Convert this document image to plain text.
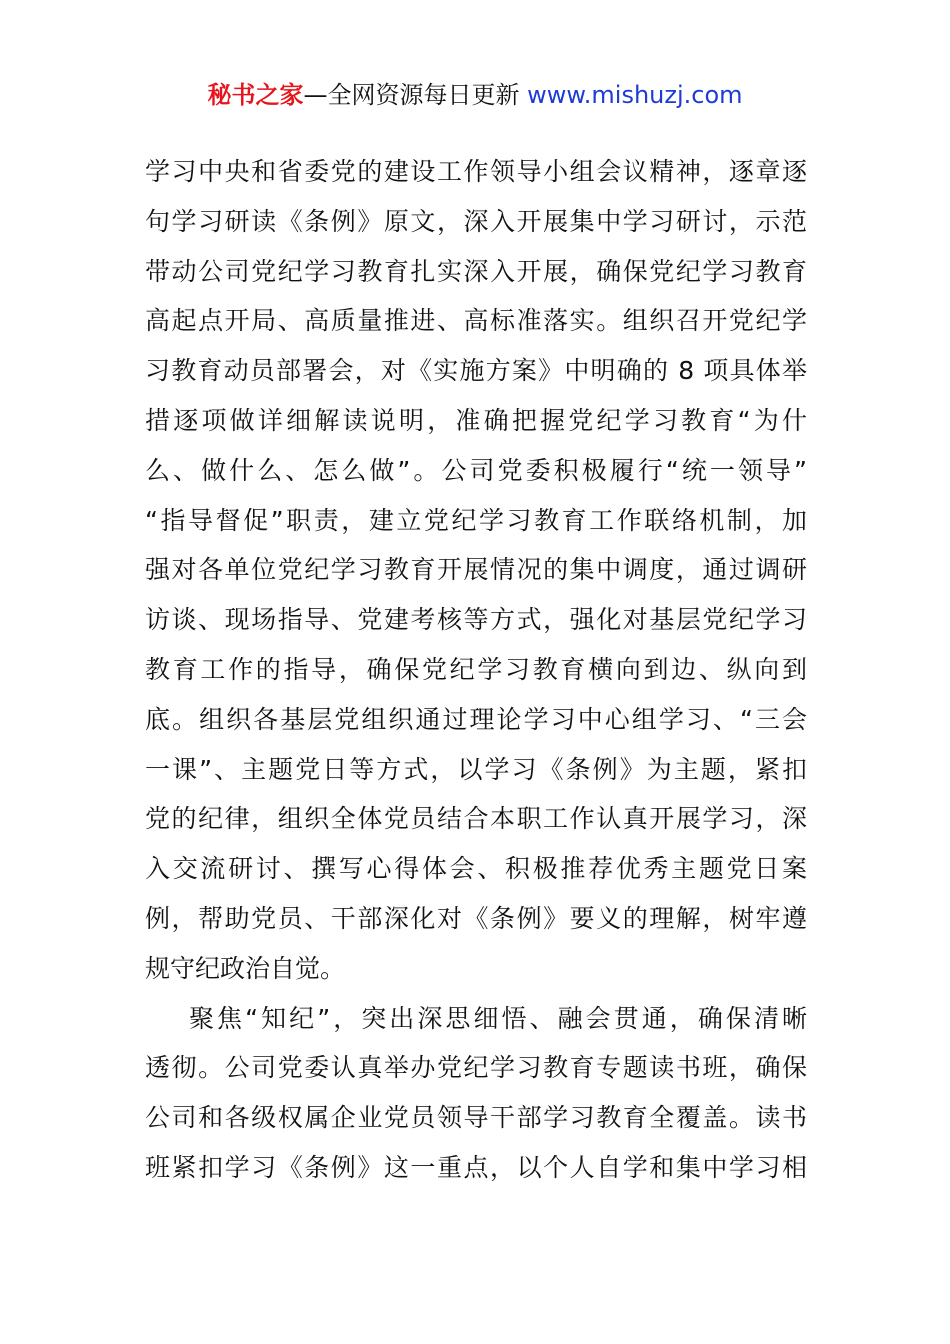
秘书之家—全网资源每日更新 www.mishuzj.com
学习中央和省委党的建设工作领导小组会议精神，逐章逐
句学习研读《条例》原文，深入开展集中学习研讨，示范
带动公司党纪学习教育扎实深入开展，确保党纪学习教育
高起点开局、高质量推进、高标准落实。组织召开党纪学
习教育动员部署会，对《实施方案》中明确的 8 项具体举
措逐项做详细解读说明，准确把握党纪学习教育“为什
么、做什么、怎么做”。公司党委积极履行“统一领导”
“指导督促”职责，建立党纪学习教育工作联络机制，加
强对各单位党纪学习教育开展情况的集中调度，通过调研
访谈、现场指导、党建考核等方式，强化对基层党纪学习
教育工作的指导，确保党纪学习教育横向到边、纵向到
底。组织各基层党组织通过理论学习中心组学习、“三会
一课”、主题党日等方式，以学习《条例》为主题，紧扣
党的纪律，组织全体党员结合本职工作认真开展学习，深
入交流研讨、撰写心得体会、积极推荐优秀主题党日案
例，帮助党员、干部深化对《条例》要义的理解，树牢遵
规守纪政治自觉。
聚焦“知纪”，突出深思细悟、融会贯通，确保清晰
透彻。公司党委认真举办党纪学习教育专题读书班，确保
公司和各级权属企业党员领导干部学习教育全覆盖。读书
班紧扣学习《条例》这一重点，以个人自学和集中学习相
